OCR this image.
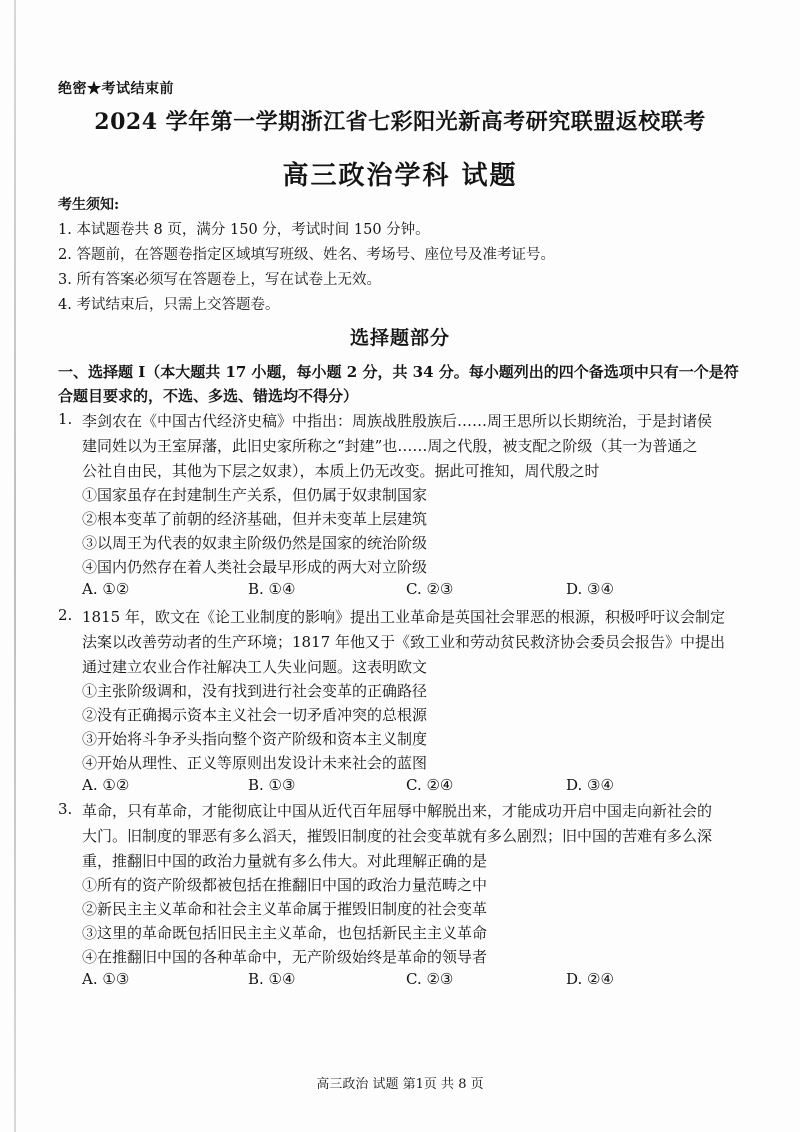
绝密★考试结束前
2024 学年第一学期浙江省七彩阳光新高考研究联盟返校联考
高三政治学科 试题
考生须知:
1. 本试题卷共 8 页，满分 150 分，考试时间 150 分钟。
2. 答题前，在答题卷指定区域填写班级、姓名、考场号、座位号及准考证号。
3. 所有答案必须写在答题卷上，写在试卷上无效。
4. 考试结束后，只需上交答题卷。
选择题部分
一、选择题 I（本大题共 17 小题，每小题 2 分，共 34 分。每小题列出的四个备选项中只有一个是符
合题目要求的，不选、多选、错选均不得分）
1. 李剑农在《中国古代经济史稿》中指出：周族战胜殷族后……周王思所以长期统治，于是封诸侯
建同姓以为王室屏藩，此旧史家所称之“封建”也……周之代殷，被支配之阶级（其一为普通之
公社自由民，其他为下层之奴隶），本质上仍无改变。据此可推知，周代殷之时
①国家虽存在封建制生产关系，但仍属于奴隶制国家
②根本变革了前朝的经济基础，但并未变革上层建筑
③以周王为代表的奴隶主阶级仍然是国家的统治阶级
④国内仍然存在着人类社会最早形成的两大对立阶级
A. ①②	B. ①④	C. ②③	D. ③④
2. 1815 年，欧文在《论工业制度的影响》提出工业革命是英国社会罪恶的根源，积极呼吁议会制定
法案以改善劳动者的生产环境；1817 年他又于《致工业和劳动贫民救济协会委员会报告》中提出
通过建立农业合作社解决工人失业问题。这表明欧文
①主张阶级调和，没有找到进行社会变革的正确路径
②没有正确揭示资本主义社会一切矛盾冲突的总根源
③开始将斗争矛头指向整个资产阶级和资本主义制度
④开始从理性、正义等原则出发设计未来社会的蓝图
A. ①②	B. ①③	C. ②④	D. ③④
3. 革命，只有革命，才能彻底让中国从近代百年屈辱中解脱出来，才能成功开启中国走向新社会的
大门。旧制度的罪恶有多么滔天，摧毁旧制度的社会变革就有多么剧烈；旧中国的苦难有多么深
重，推翻旧中国的政治力量就有多么伟大。对此理解正确的是
①所有的资产阶级都被包括在推翻旧中国的政治力量范畴之中
②新民主主义革命和社会主义革命属于摧毁旧制度的社会变革
③这里的革命既包括旧民主主义革命，也包括新民主主义革命
④在推翻旧中国的各种革命中，无产阶级始终是革命的领导者
A. ①③	B. ①④	C. ②③	D. ②④
高三政治 试题 第1页 共 8 页
